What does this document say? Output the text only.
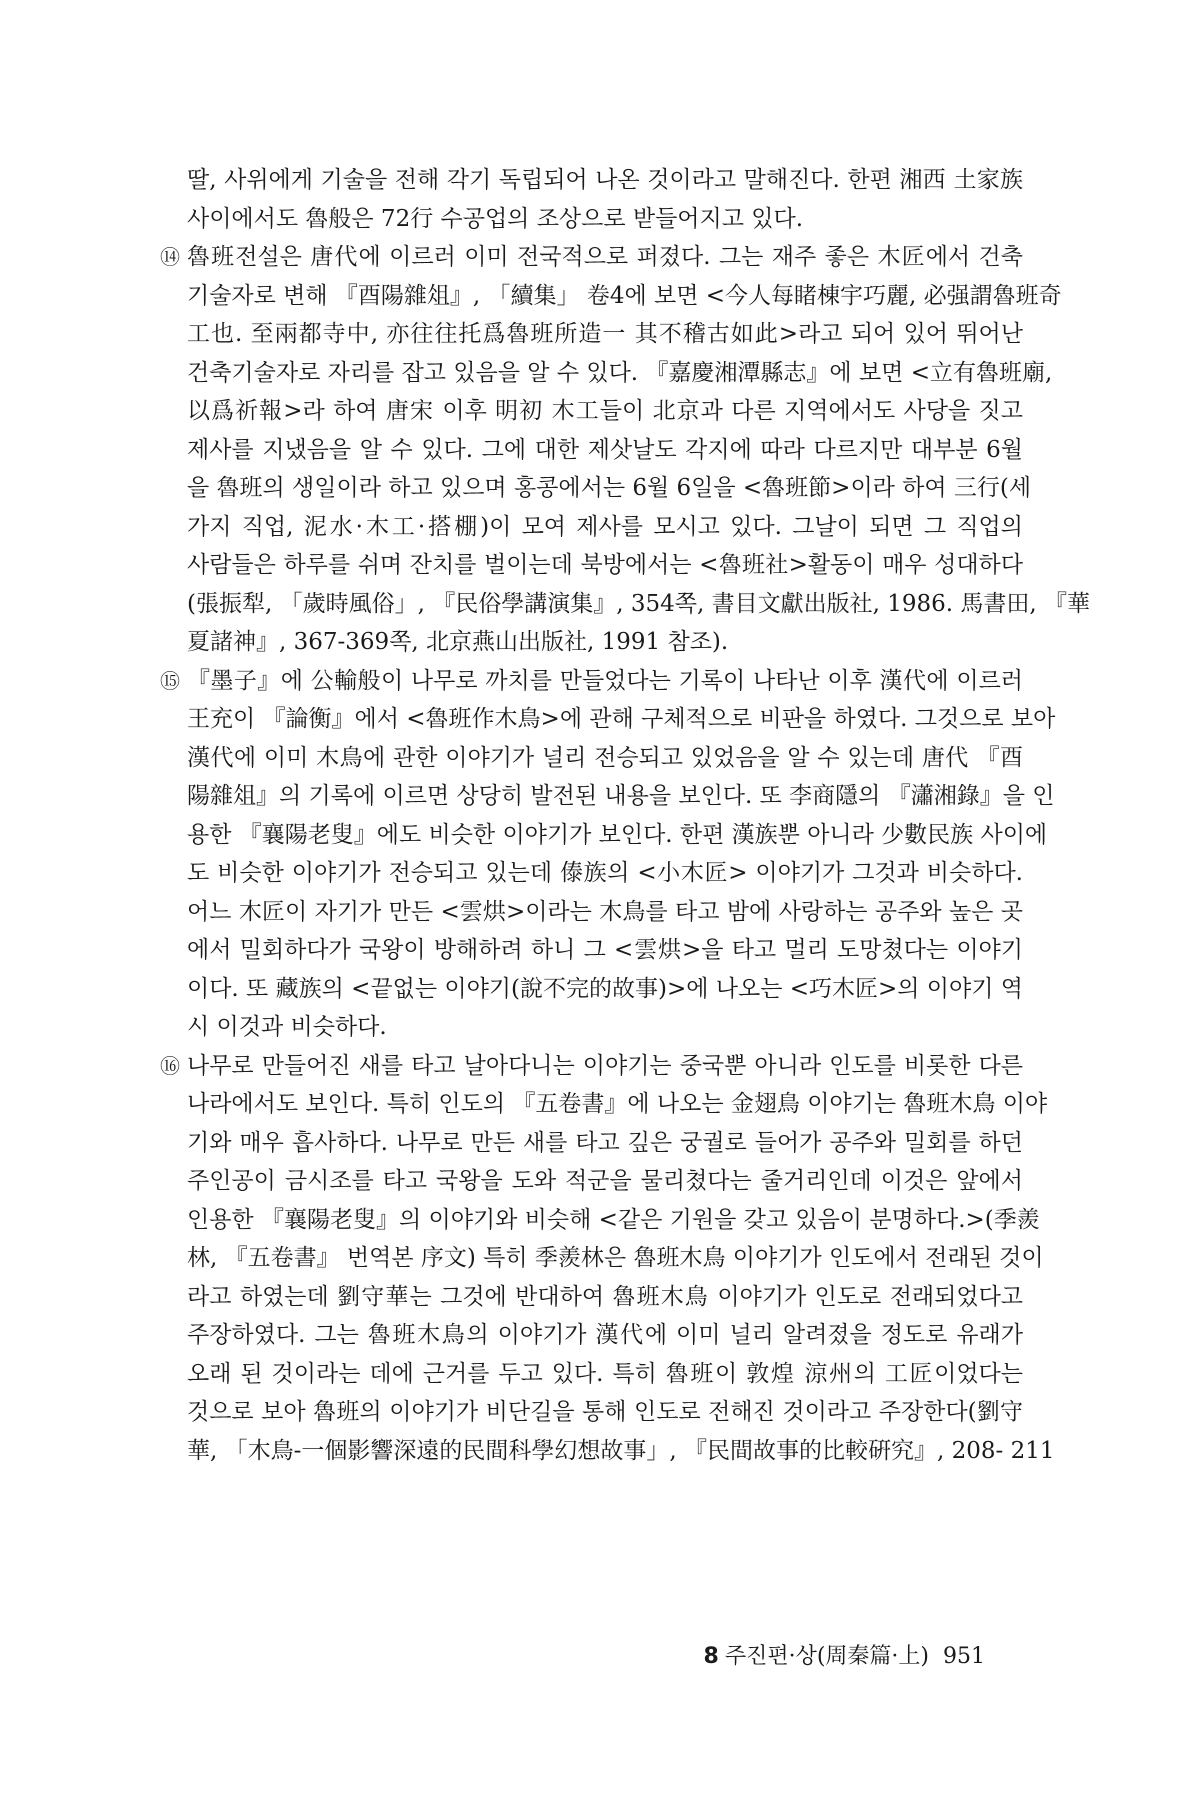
딸, 사위에게 기술을 전해 각기 독립되어 나온 것이라고 말해진다. 한편 湘西 土家族
사이에서도 魯般은 72行 수공업의 조상으로 받들어지고 있다.
⑭ 魯班전설은 唐代에 이르러 이미 전국적으로 퍼졌다. 그는 재주 좋은 木匠에서 건축
기술자로 변해 『酉陽雜俎』, 「續集」 卷4에 보면 <今人每睹棟宇巧麗, 必强謂魯班奇
工也. 至兩都寺中, 亦往往托爲魯班所造一 其不稽古如此>라고 되어 있어 뛰어난
건축기술자로 자리를 잡고 있음을 알 수 있다. 『嘉慶湘潭縣志』에 보면 <立有魯班廟,
以爲祈報>라 하여 唐宋 이후 明初 木工들이 北京과 다른 지역에서도 사당을 짓고
제사를 지냈음을 알 수 있다. 그에 대한 제삿날도 각지에 따라 다르지만 대부분 6월
을 魯班의 생일이라 하고 있으며 홍콩에서는 6월 6일을 <魯班節>이라 하여 三行(세
가지 직업, 泥水·木工·搭棚)이 모여 제사를 모시고 있다. 그날이 되면 그 직업의
사람들은 하루를 쉬며 잔치를 벌이는데 북방에서는 <魯班社>활동이 매우 성대하다
(張振犁, 「歲時風俗」, 『民俗學講演集』, 354쪽, 書目文獻出版社, 1986. 馬書田, 『華
夏諸神』, 367-369쪽, 北京燕山出版社, 1991 참조).
⑮ 『墨子』에 公輸般이 나무로 까치를 만들었다는 기록이 나타난 이후 漢代에 이르러
王充이 『論衡』에서 <魯班作木鳥>에 관해 구체적으로 비판을 하였다. 그것으로 보아
漢代에 이미 木鳥에 관한 이야기가 널리 전승되고 있었음을 알 수 있는데 唐代 『酉
陽雜俎』의 기록에 이르면 상당히 발전된 내용을 보인다. 또 李商隱의 『瀟湘錄』을 인
용한 『襄陽老叟』에도 비슷한 이야기가 보인다. 한편 漢族뿐 아니라 少數民族 사이에
도 비슷한 이야기가 전승되고 있는데 傣族의 <小木匠> 이야기가 그것과 비슷하다.
어느 木匠이 자기가 만든 <雲烘>이라는 木鳥를 타고 밤에 사랑하는 공주와 높은 곳
에서 밀회하다가 국왕이 방해하려 하니 그 <雲烘>을 타고 멀리 도망쳤다는 이야기
이다. 또 藏族의 <끝없는 이야기(說不完的故事)>에 나오는 <巧木匠>의 이야기 역
시 이것과 비슷하다.
⑯ 나무로 만들어진 새를 타고 날아다니는 이야기는 중국뿐 아니라 인도를 비롯한 다른
나라에서도 보인다. 특히 인도의 『五卷書』에 나오는 金翅鳥 이야기는 魯班木鳥 이야
기와 매우 흡사하다. 나무로 만든 새를 타고 깊은 궁궐로 들어가 공주와 밀회를 하던
주인공이 금시조를 타고 국왕을 도와 적군을 물리쳤다는 줄거리인데 이것은 앞에서
인용한 『襄陽老叟』의 이야기와 비슷해 <같은 기원을 갖고 있음이 분명하다.>(季羨
林, 『五卷書』 번역본 序文) 특히 季羨林은 魯班木鳥 이야기가 인도에서 전래된 것이
라고 하였는데 劉守華는 그것에 반대하여 魯班木鳥 이야기가 인도로 전래되었다고
주장하였다. 그는 魯班木鳥의 이야기가 漢代에 이미 널리 알려졌을 정도로 유래가
오래 된 것이라는 데에 근거를 두고 있다. 특히 魯班이 敦煌 涼州의 工匠이었다는
것으로 보아 魯班의 이야기가 비단길을 통해 인도로 전해진 것이라고 주장한다(劉守
華, 「木鳥-一個影響深遠的民間科學幻想故事」, 『民間故事的比較硏究』, 208- 211
8 주진편·상(周秦篇·上) 951
